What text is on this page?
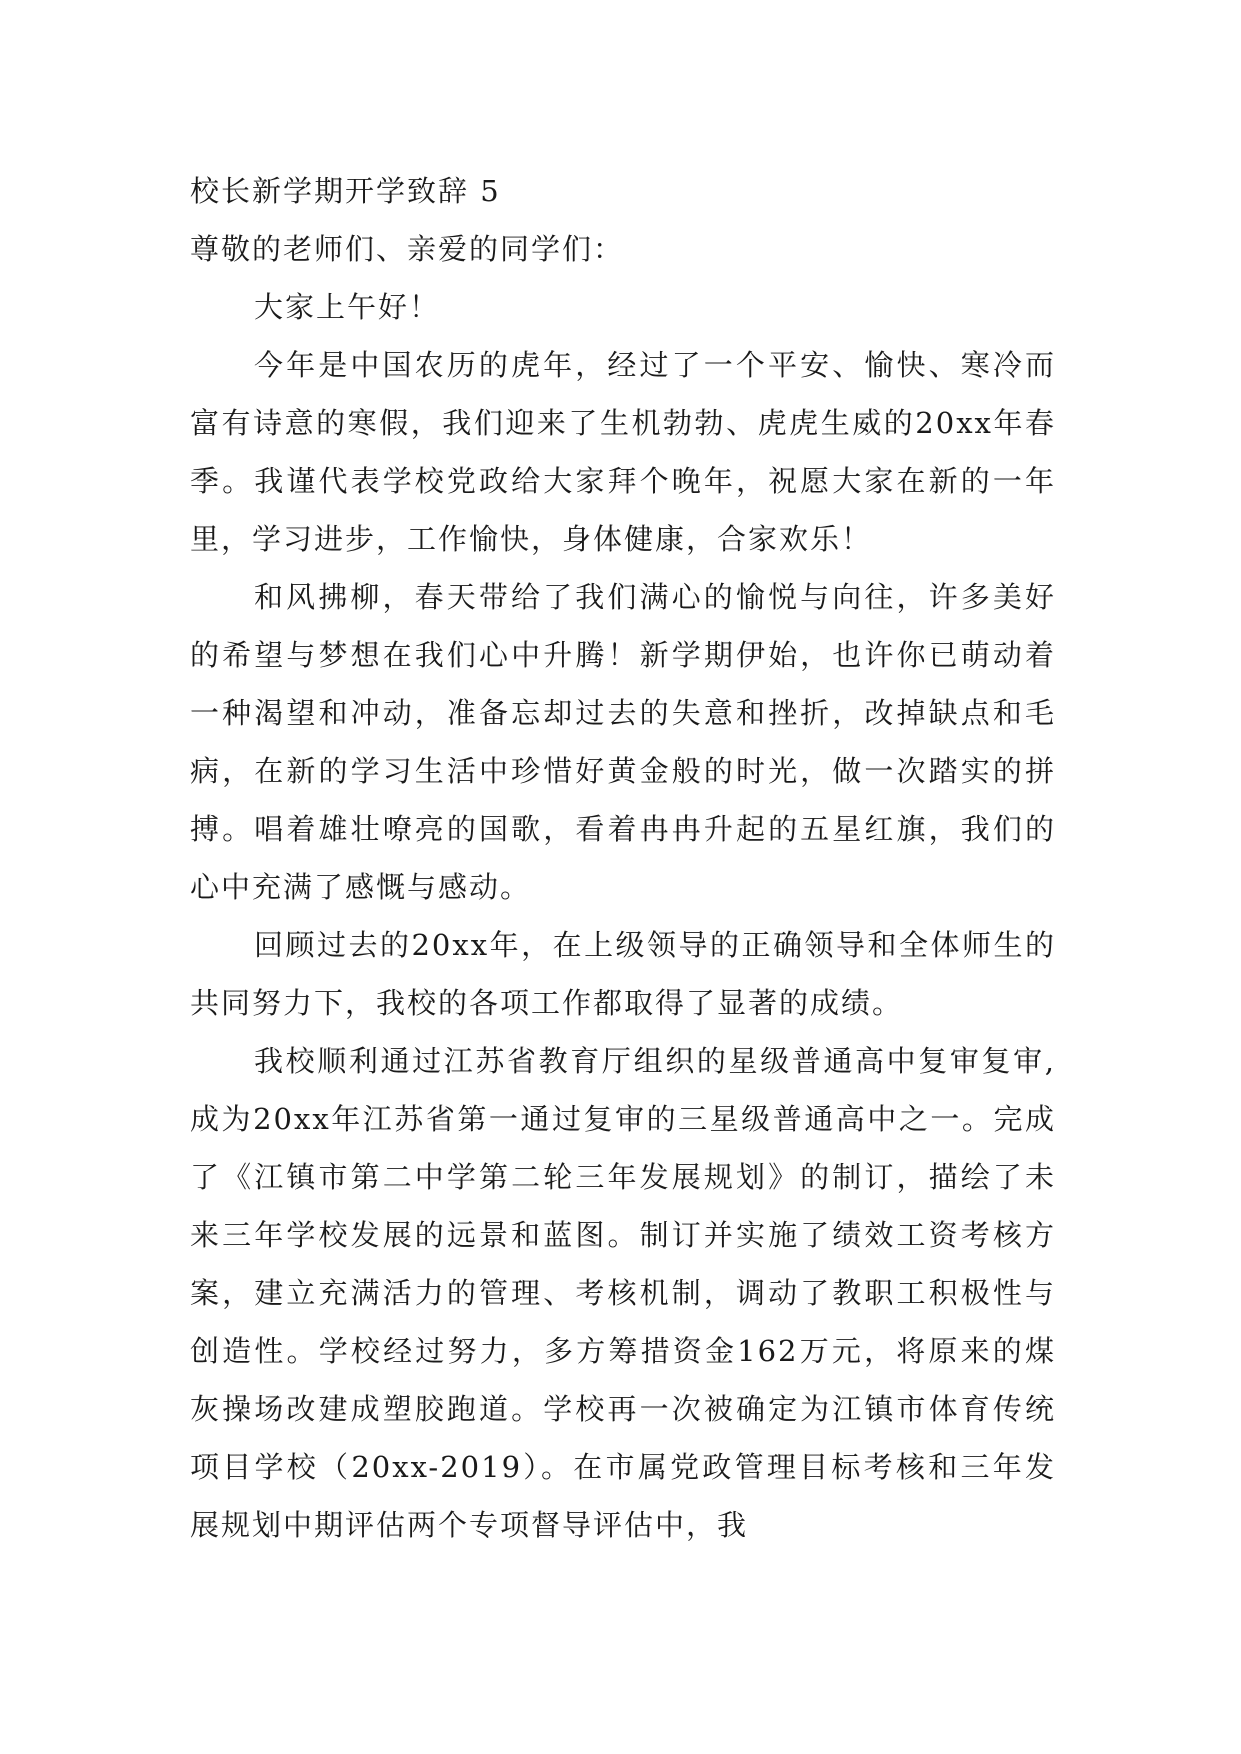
校长新学期开学致辞 5

尊敬的老师们、亲爱的同学们：

大家上午好！

今年是中国农历的虎年，经过了一个平安、愉快、寒冷而富有诗意的寒假，我们迎来了生机勃勃、虎虎生威的20xx年春季。我谨代表学校党政给大家拜个晚年，祝愿大家在新的一年里，学习进步，工作愉快，身体健康，合家欢乐！

和风拂柳，春天带给了我们满心的愉悦与向往，许多美好的希望与梦想在我们心中升腾！新学期伊始，也许你已萌动着一种渴望和冲动，准备忘却过去的失意和挫折，改掉缺点和毛病，在新的学习生活中珍惜好黄金般的时光，做一次踏实的拼搏。唱着雄壮嘹亮的国歌，看着冉冉升起的五星红旗，我们的心中充满了感慨与感动。

回顾过去的20xx年，在上级领导的正确领导和全体师生的共同努力下，我校的各项工作都取得了显著的成绩。

我校顺利通过江苏省教育厅组织的星级普通高中复审复审,成为20xx年江苏省第一通过复审的三星级普通高中之一。完成了《江镇市第二中学第二轮三年发展规划》的制订，描绘了未来三年学校发展的远景和蓝图。制订并实施了绩效工资考核方案，建立充满活力的管理、考核机制，调动了教职工积极性与创造性。学校经过努力，多方筹措资金162万元，将原来的煤灰操场改建成塑胶跑道。学校再一次被确定为江镇市体育传统项目学校（20xx-2019）。在市属党政管理目标考核和三年发展规划中期评估两个专项督导评估中，我
